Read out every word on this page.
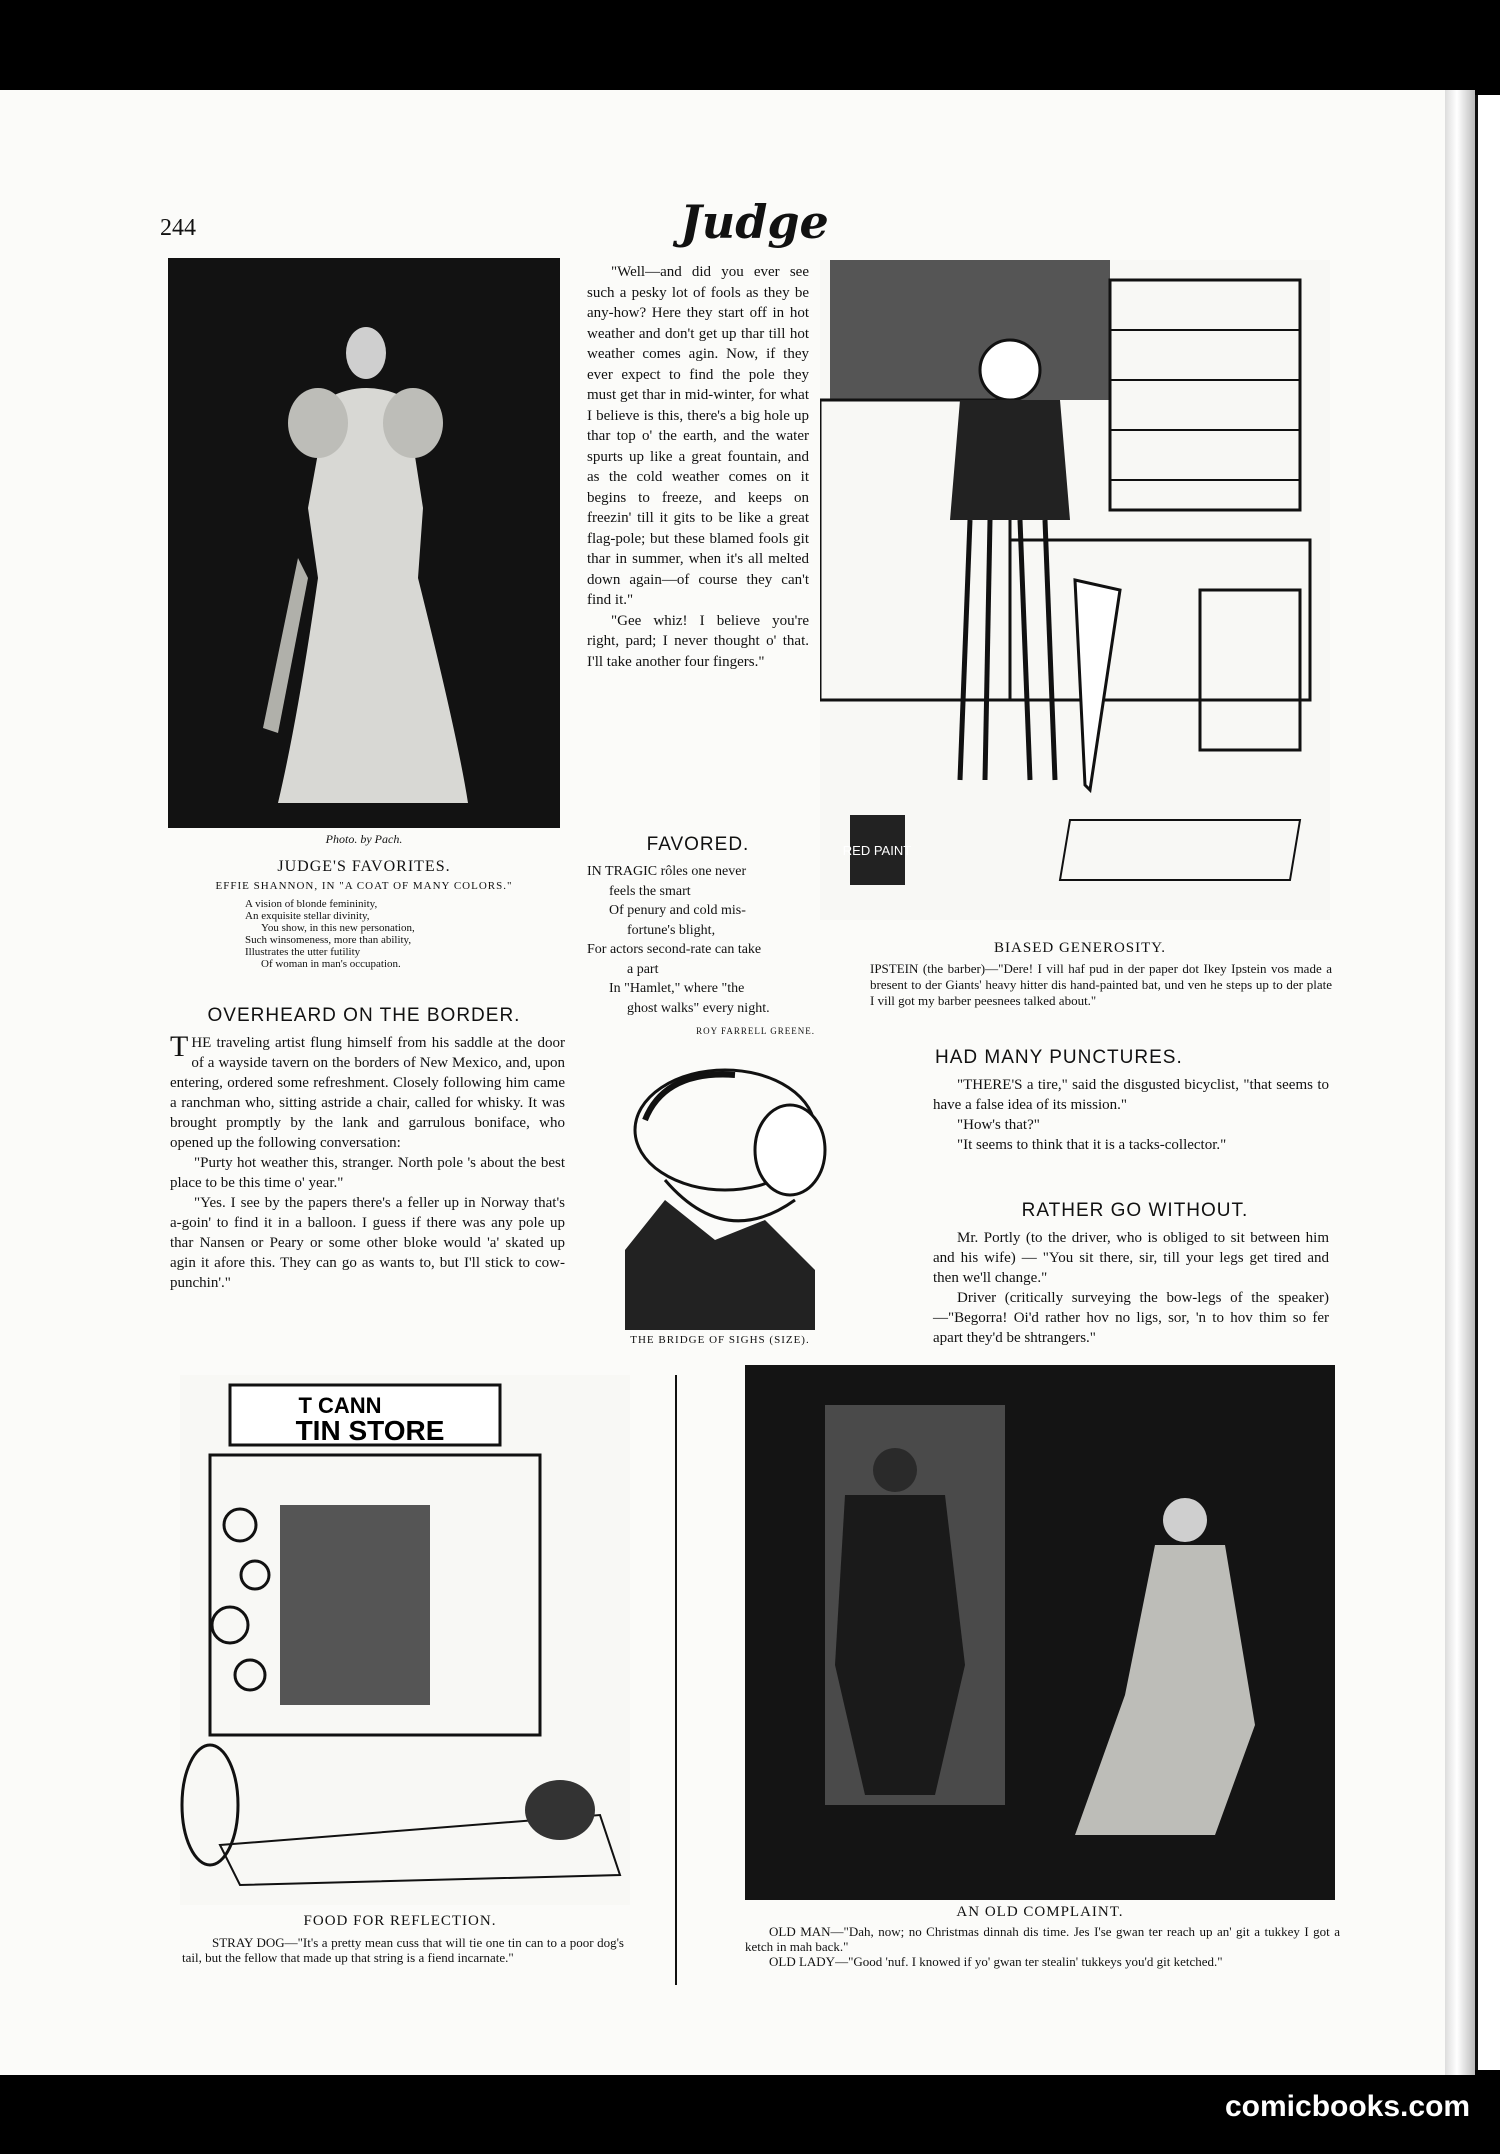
244	Judge
Photo. by Pach.
JUDGE'S FAVORITES.
EFFIE SHANNON, IN "A COAT OF MANY COLORS."

A vision of blonde femininity,

An exquisite stellar divinity,

You show, in this new personation,

Such winsomeness, more than ability,

Illustrates the utter futility

Of woman in man's occupation.

OVERHEARD ON THE BORDER.

THE traveling artist flung himself from his saddle at the door of a wayside tavern on the borders of New Mexico, and, upon entering, ordered some refreshment. Closely following him came a ranchman who, sitting astride a chair, called for whisky. It was brought promptly by the lank and garrulous boniface, who opened up the following conversation:

"Purty hot weather this, stranger. North pole 's about the best place to be this time o' year."

"Yes. I see by the papers there's a feller up in Norway that's a-goin' to find it in a balloon. I guess if there was any pole up thar Nansen or Peary or some other bloke would 'a' skated up agin it afore this. They can go as wants to, but I'll stick to cow-punchin'."

"Well—and did you ever see such a pesky lot of fools as they be any-how? Here they start off in hot weather and don't get up thar till hot weather comes agin. Now, if they ever expect to find the pole they must get thar in mid-winter, for what I believe is this, there's a big hole up thar top o' the earth, and the water spurts up like a great fountain, and as the cold weather comes on it begins to freeze, and keeps on freezin' till it gits to be like a great flag-pole; but these blamed fools git thar in summer, when it's all melted down again—of course they can't find it."

"Gee whiz! I believe you're right, pard; I never thought o' that. I'll take another four fingers."

FAVORED.

IN TRAGIC rôles one never

feels the smart

Of penury and cold mis-

fortune's blight,

For actors second-rate can take

a part

In "Hamlet," where "the

ghost walks" every night.

ROY FARRELL GREENE.
THE BRIDGE OF SIGHS (SIZE).
RED PAINT
BIASED GENEROSITY.
IPSTEIN (the barber)—"Dere! I vill haf pud in der paper dot Ikey Ipstein vos made a bresent to der Giants' heavy hitter dis hand-painted bat, und ven he steps up to der plate I vill got my barber peesnees talked about."
HAD MANY PUNCTURES.

"THERE'S a tire," said the disgusted bicyclist, "that seems to have a false idea of its mission."

"How's that?"

"It seems to think that it is a tacks-collector."

RATHER GO WITHOUT.

Mr. Portly (to the driver, who is obliged to sit between him and his wife) — "You sit there, sir, till your legs get tired and then we'll change."

Driver (critically surveying the bow-legs of the speaker)—"Begorra! Oi'd rather hov no ligs, sor, 'n to hov thim so fer apart they'd be shtrangers."

T CANN
TIN STORE
FOOD FOR REFLECTION.
STRAY DOG—"It's a pretty mean cuss that will tie one tin can to a poor dog's tail, but the fellow that made up that string is a fiend incarnate."
AN OLD COMPLAINT.

OLD MAN—"Dah, now; no Christmas dinnah dis time. Jes I'se gwan ter reach up an' git a tukkey I got a ketch in mah back."

OLD LADY—"Good 'nuf. I knowed if yo' gwan ter stealin' tukkeys you'd git ketched."

comicbooks.com
